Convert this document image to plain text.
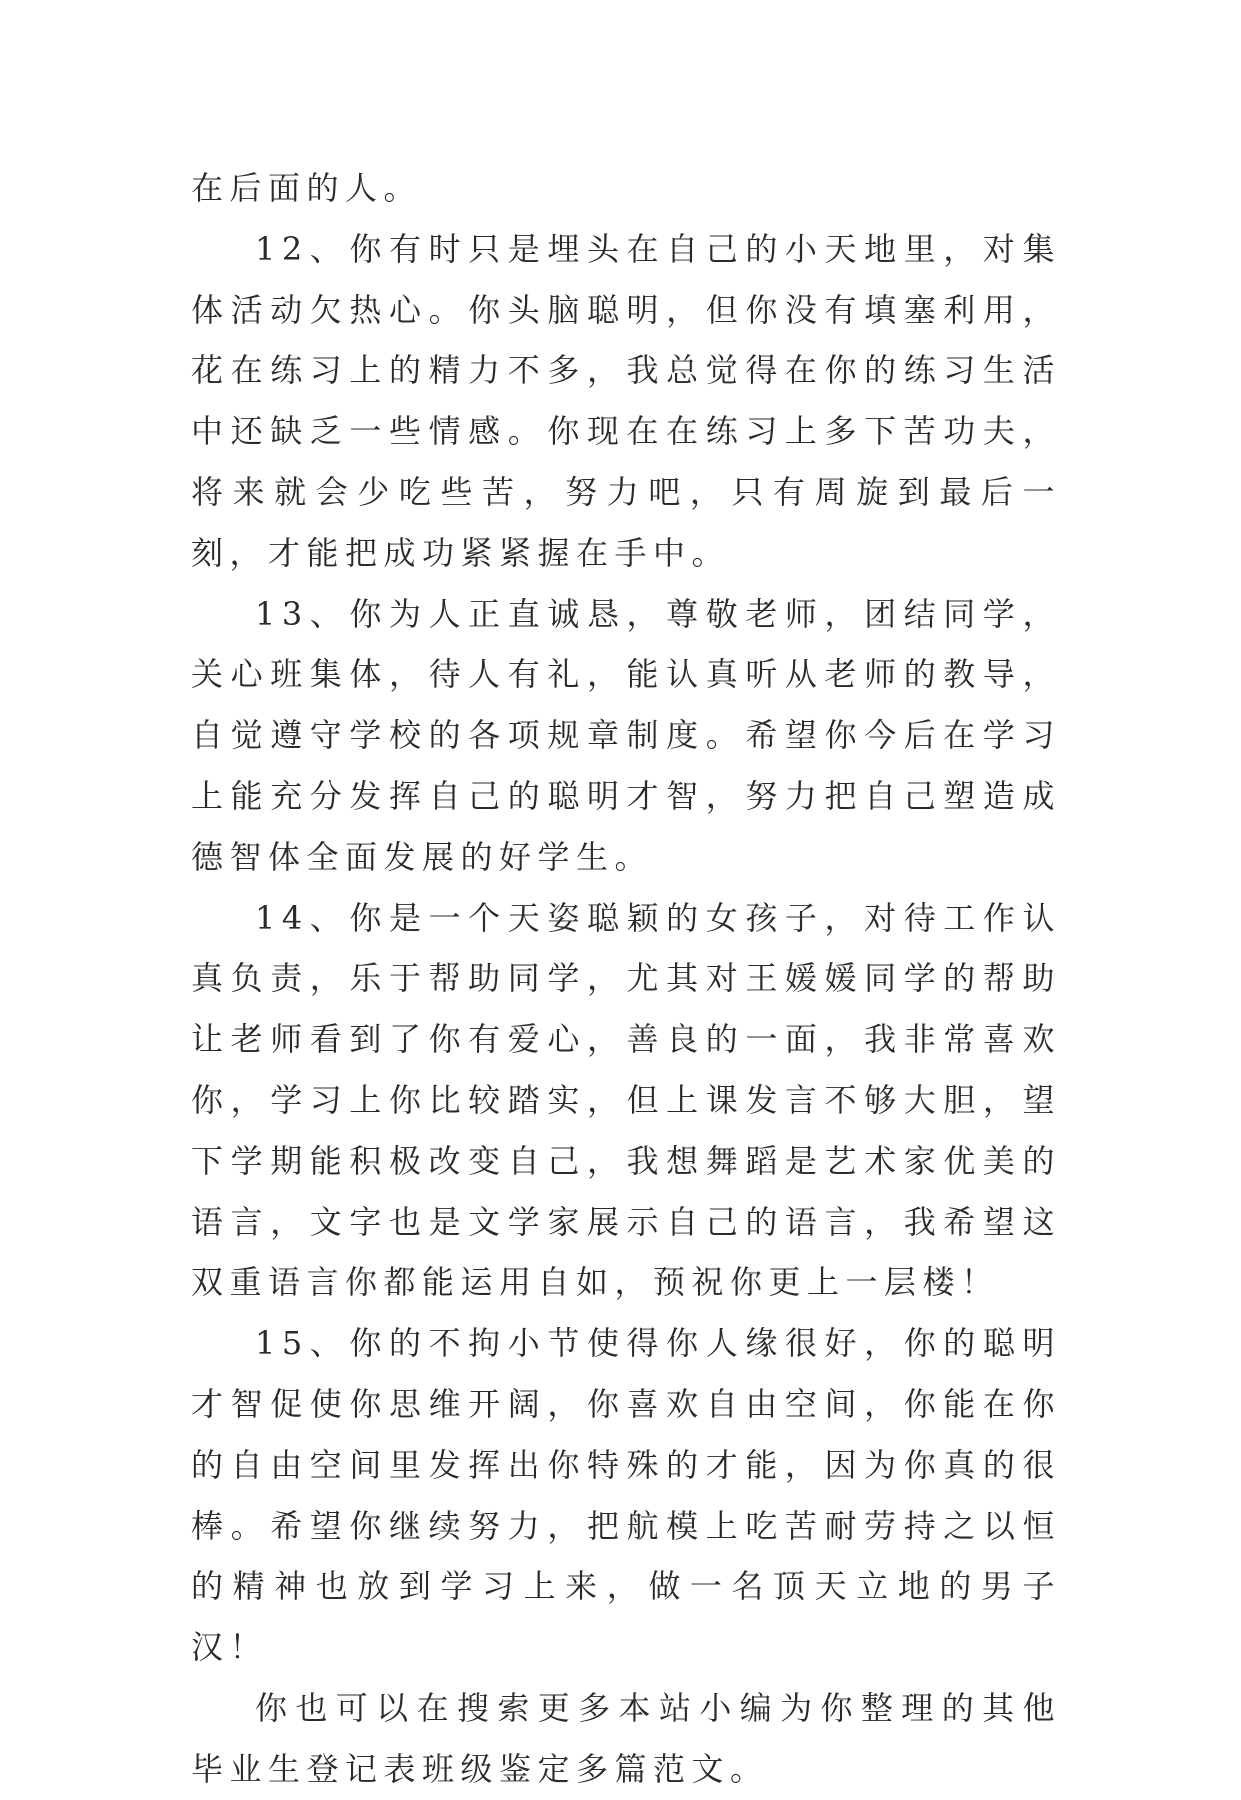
在后面的人。

12、你有时只是埋头在自己的小天地里，对集体活动欠热心。你头脑聪明，但你没有填塞利用，花在练习上的精力不多，我总觉得在你的练习生活中还缺乏一些情感。你现在在练习上多下苦功夫，将来就会少吃些苦，努力吧，只有周旋到最后一刻，才能把成功紧紧握在手中。

13、你为人正直诚恳，尊敬老师，团结同学，关心班集体，待人有礼，能认真听从老师的教导，自觉遵守学校的各项规章制度。希望你今后在学习上能充分发挥自己的聪明才智，努力把自己塑造成德智体全面发展的好学生。

14、你是一个天姿聪颖的女孩子，对待工作认真负责，乐于帮助同学，尤其对王媛媛同学的帮助让老师看到了你有爱心，善良的一面，我非常喜欢你，学习上你比较踏实，但上课发言不够大胆，望下学期能积极改变自己，我想舞蹈是艺术家优美的语言，文字也是文学家展示自己的语言，我希望这双重语言你都能运用自如，预祝你更上一层楼！

15、你的不拘小节使得你人缘很好，你的聪明才智促使你思维开阔，你喜欢自由空间，你能在你的自由空间里发挥出你特殊的才能，因为你真的很棒。希望你继续努力，把航模上吃苦耐劳持之以恒的精神也放到学习上来，做一名顶天立地的男子汉！

你也可以在搜索更多本站小编为你整理的其他毕业生登记表班级鉴定多篇范文。
